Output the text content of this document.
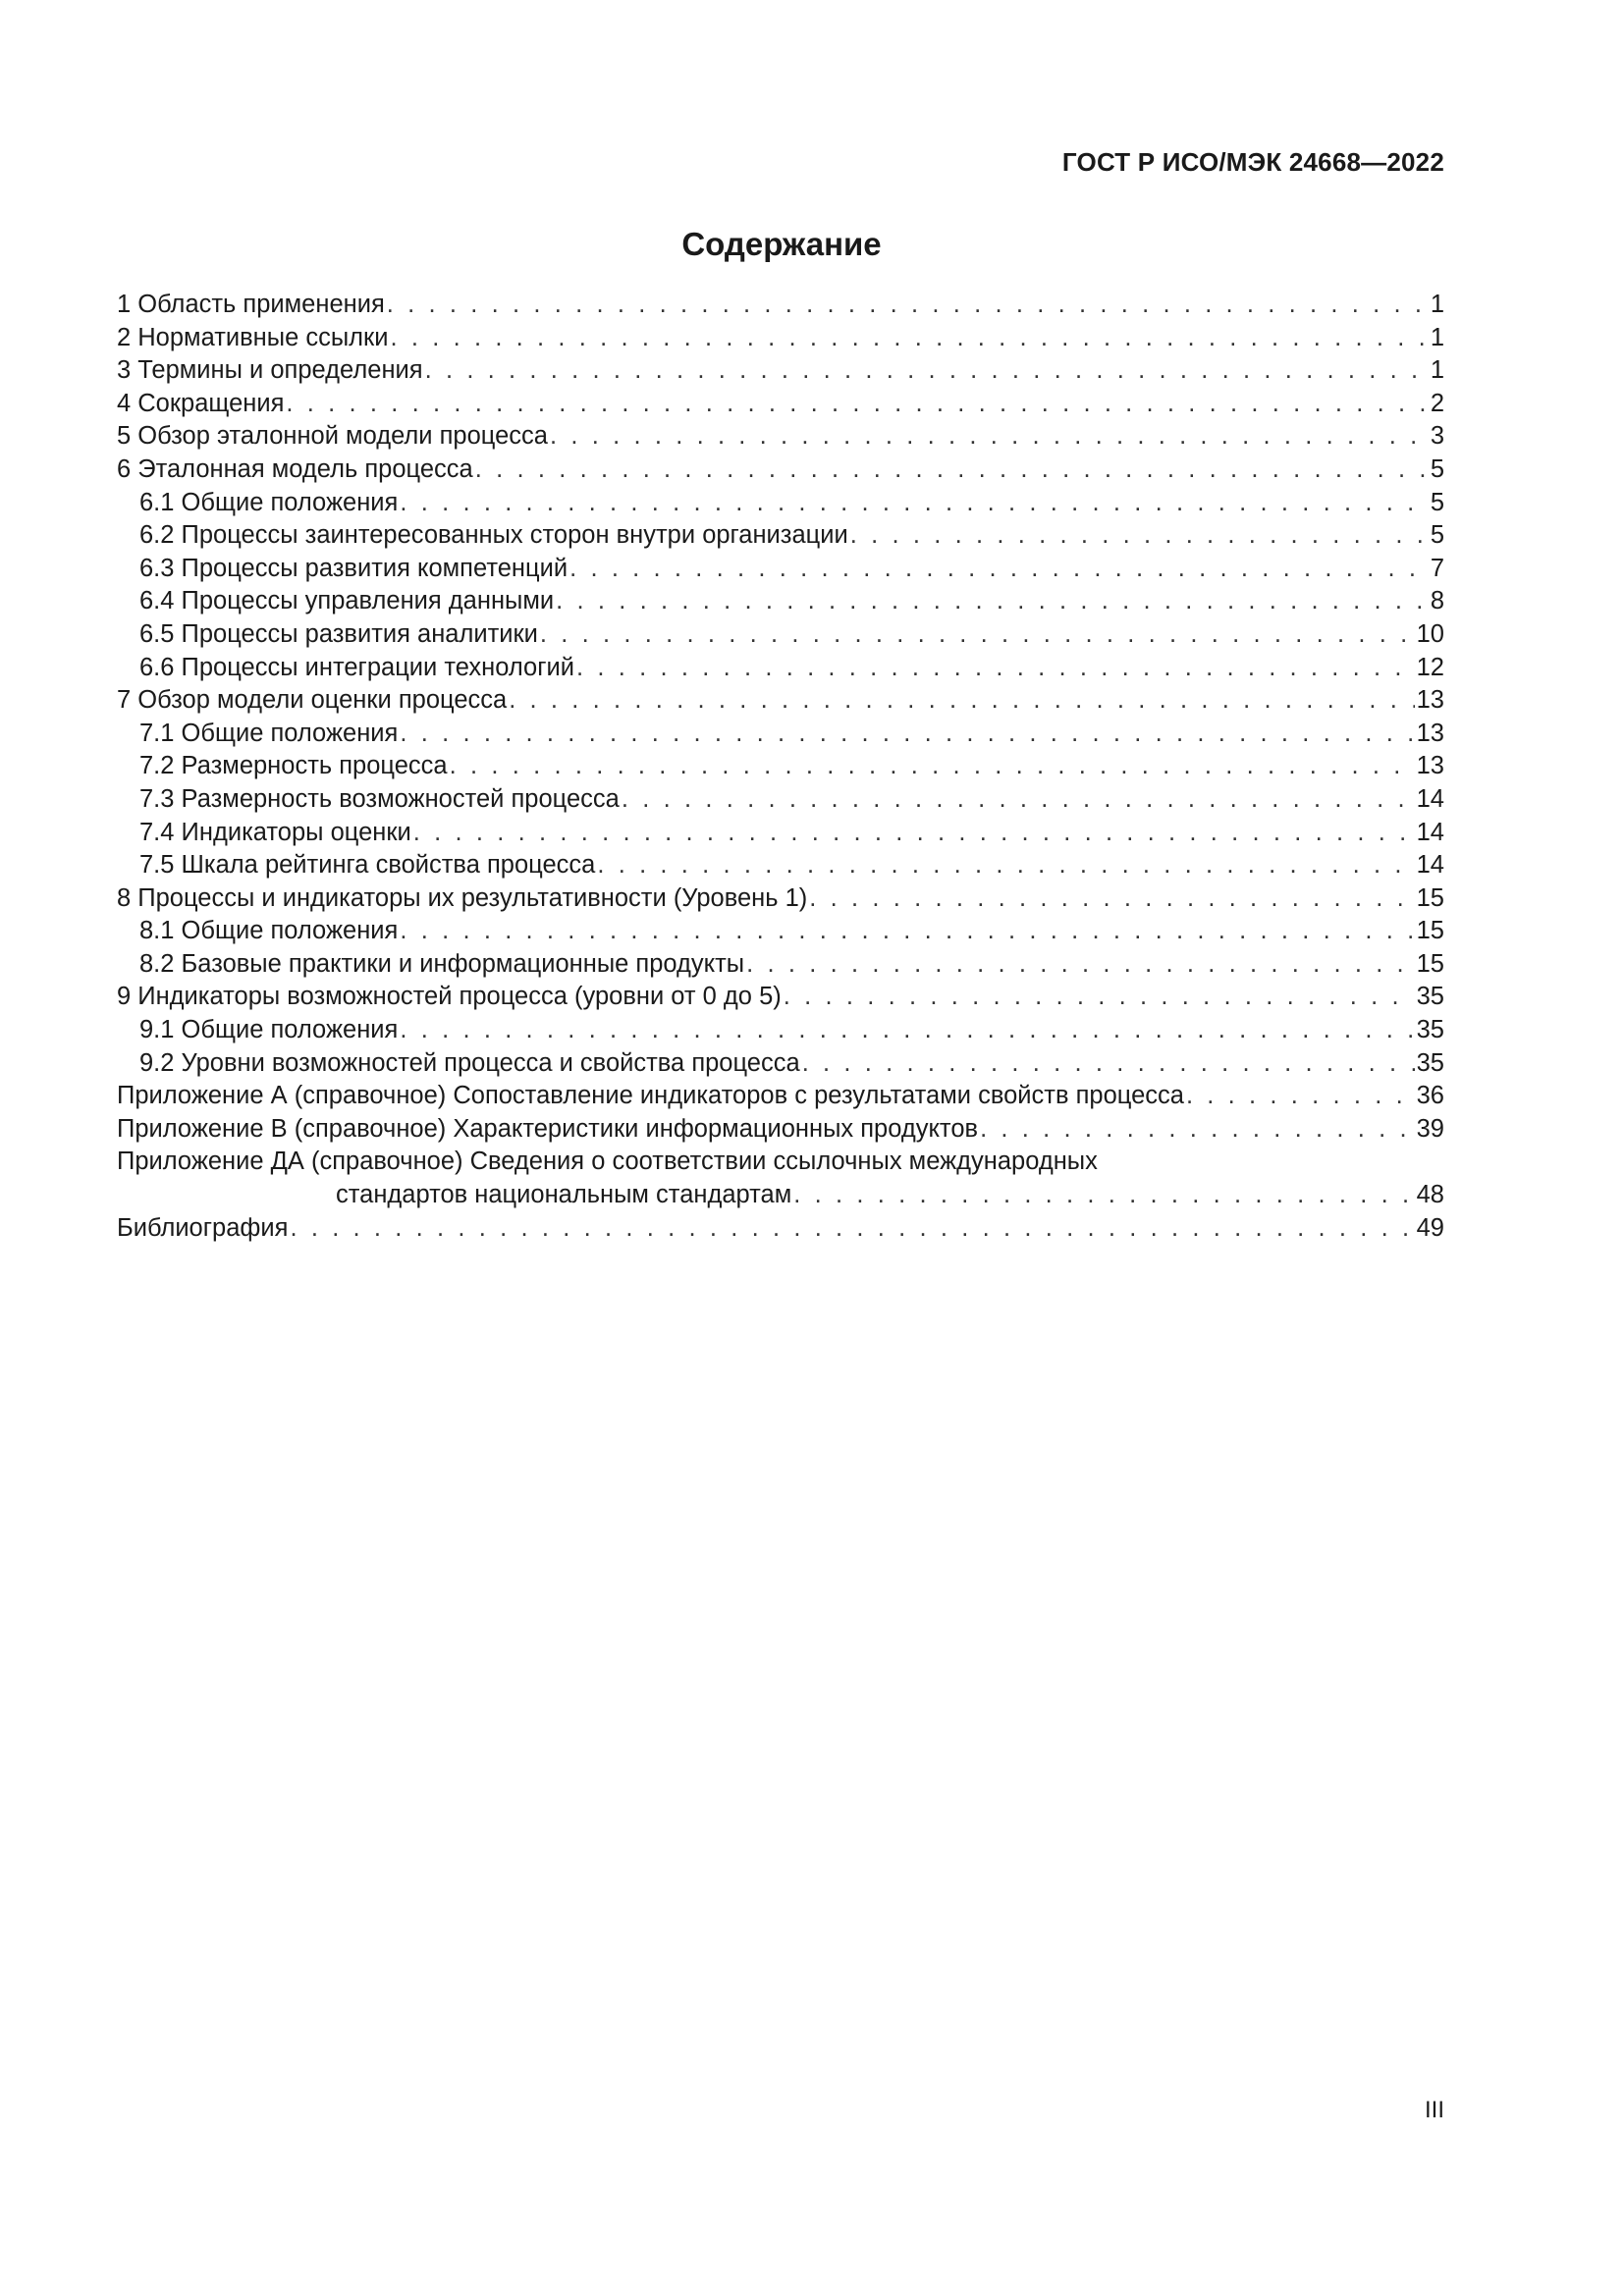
ГОСТ Р ИСО/МЭК 24668—2022
Содержание
1 Область применения . . .	1
2 Нормативные ссылки . . .	1
3 Термины и определения . . .	1
4 Сокращения . . .	2
5 Обзор эталонной модели процесса . . .	3
6 Эталонная модель процесса . . .	5
6.1 Общие положения . . .	5
6.2 Процессы заинтересованных сторон внутри организации . . .	5
6.3 Процессы развития компетенций . . .	7
6.4 Процессы управления данными . . .	8
6.5 Процессы развития аналитики . . .	10
6.6 Процессы интеграции технологий . . .	12
7 Обзор модели оценки процесса . . .	13
7.1 Общие положения . . .	13
7.2 Размерность процесса . . .	13
7.3 Размерность возможностей процесса . . .	14
7.4 Индикаторы оценки . . .	14
7.5 Шкала рейтинга свойства процесса . . .	14
8 Процессы и индикаторы их результативности (Уровень 1) . . .	15
8.1 Общие положения . . .	15
8.2 Базовые практики и информационные продукты . . .	15
9 Индикаторы возможностей процесса (уровни от 0 до 5) . . .	35
9.1 Общие положения . . .	35
9.2 Уровни возможностей процесса и свойства процесса . . .	35
Приложение А (справочное) Сопоставление индикаторов с результатами свойств процесса . . .	36
Приложение В (справочное) Характеристики информационных продуктов . . .	39
Приложение ДА (справочное) Сведения о соответствии ссылочных международных
стандартов национальным стандартам . . .	48
Библиография . . .	49
III
